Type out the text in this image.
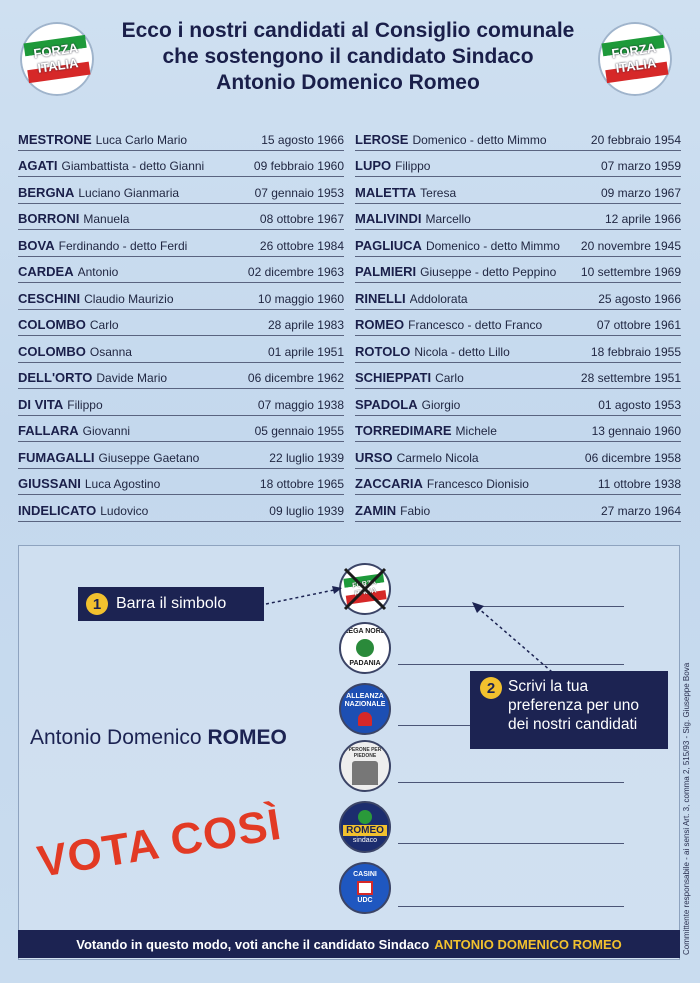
FORZA ITALIA
FORZA ITALIA
Ecco i nostri candidati al Consiglio comunale
che sostengono il candidato Sindaco
Antonio Domenico Romeo
MESTRONE Luca Carlo Mario	15 agosto 1966
AGATI Giambattista - detto Gianni	09 febbraio 1960
BERGNA Luciano Gianmaria	07 gennaio 1953
BORRONI Manuela	08 ottobre 1967
BOVA Ferdinando - detto Ferdi	26 ottobre 1984
CARDEA Antonio	02 dicembre 1963
CESCHINI Claudio Maurizio	10 maggio 1960
COLOMBO Carlo	28 aprile 1983
COLOMBO Osanna	01 aprile 1951
DELL'ORTO Davide Mario	06 dicembre 1962
DI VITA Filippo	07 maggio 1938
FALLARA Giovanni	05 gennaio 1955
FUMAGALLI Giuseppe Gaetano	22 luglio 1939
GIUSSANI Luca Agostino	18 ottobre 1965
INDELICATO Ludovico	09 luglio 1939
LEROSE Domenico - detto Mimmo	20 febbraio 1954
LUPO Filippo	07 marzo 1959
MALETTA Teresa	09 marzo 1967
MALIVINDI Marcello	12 aprile 1966
PAGLIUCA Domenico - detto Mimmo	20 novembre 1945
PALMIERI Giuseppe - detto Peppino	10 settembre 1969
RINELLI Addolorata	25 agosto 1966
ROMEO Francesco - detto Franco	07 ottobre 1961
ROTOLO Nicola - detto Lillo	18 febbraio 1955
SCHIEPPATI Carlo	28 settembre 1951
SPADOLA Giorgio	01 agosto 1953
TORREDIMARE Michele	13 gennaio 1960
URSO Carmelo Nicola	06 dicembre 1958
ZACCARIA Francesco Dionisio	11 ottobre 1938
ZAMIN Fabio	27 marzo 1964
FORZA ITALIA
LEGA NORD
PADANIA
ALLEANZA NAZIONALE
PERONE PER PIEDONE
ROMEO
sindaco
CASINI
UDC
1 Barra il simbolo
2 Scrivi la tua preferenza per uno dei nostri candidati
Antonio Domenico ROMEO
VOTA COSÌ
Votando in questo modo, voti anche il candidato Sindaco ANTONIO DOMENICO ROMEO	Committente responsabile - ai sensi Art. 3, comma 2, 515/93 - Sig. Giuseppe Bova
